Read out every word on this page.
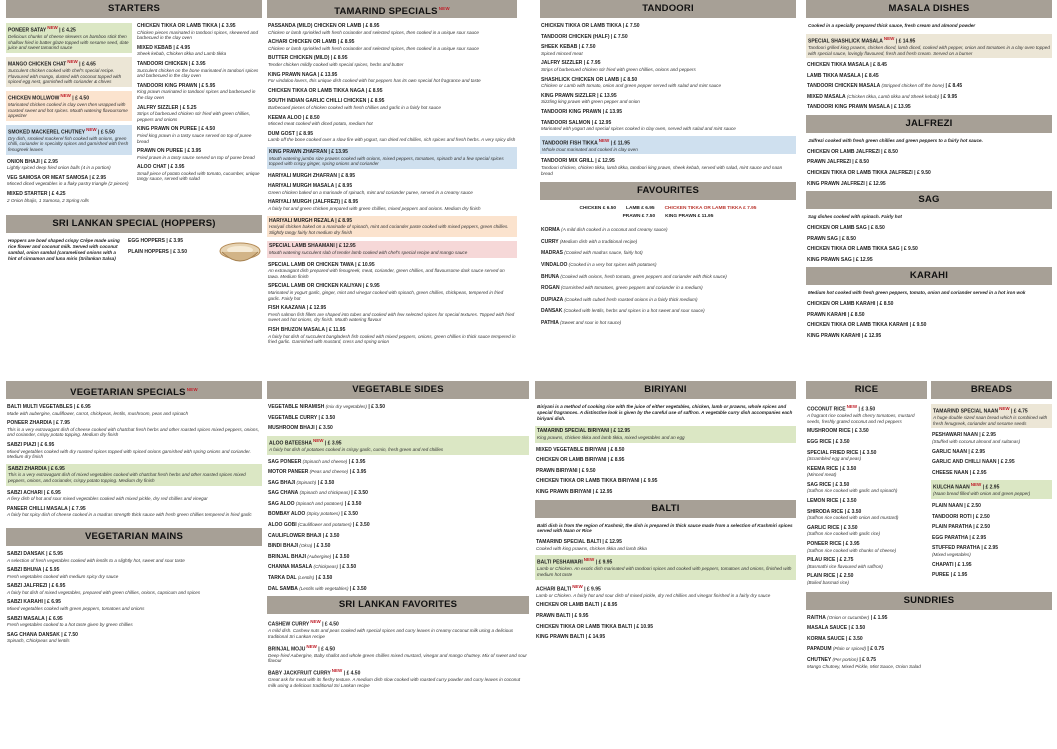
STARTERS
PONEER SATAYNEW | £ 4.25
Delicious chunks of cheese skewers on bamboo stick then shallow fried in batter glaze topped with sesame seed, date juice and sweet tamarind sauce
MANGO CHICKEN CHATNEW | £ 4.65
Succulent chicken cooked with chef's special recipe. Flavoured with mango, dusted with coconut topped with spiced egg nest, garnished with coriander & chives
CHICKEN MOLLWOWNEW | £ 4.50
Marinated chicken cooked in clay oven then wrapped with roasted sweet and hot spices. Mouth watering flavoursome appetizer
SMOKED MACKEREL CHUTNEYNEW | £ 5.50
Dry dish, smoked mackerel fish cooked with onions, green chilli, coriander in specialty spices and garnished with fresh fenugreek leaves
ONION BHAJI | £ 2.95
Lightly spiced deep fried onion balls (4 in a portion)
VEG SAMOSA OR MEAT SAMOSA | £ 2.95
Minced diced vegetables in a flaky pastry triangle (2 pieces)
MIXED STARTER | £ 4.25
2 Onion bhajis, 1 Samosa, 2 Spring rolls
CHICKEN TIKKA OR LAMB TIKKA | £ 3.95
Chicken pieces marinated in tandoori spices, skewered and barbecued in the clay oven
MIXED KEBAB | £ 4.95
Sheek kebab, Chicken tikka and Lamb tikka
TANDOORI CHICKEN | £ 3.95
Succulent chicken on the bone marinated in tandoori spices and barbecued in the clay oven
TANDOORI KING PRAWN | £ 5.95
King prawn marinated in tandoori spices and barbecued in the clay oven
JALFRY SIZZLER | £ 5.25
Strips of barbecued chicken stir fried with green chillies, peppers and onions
KING PRAWN ON PUREE | £ 4.50
Fried king prawn in a tasty sauce served on top of puree bread
PRAWN ON PUREE | £ 3.95
Fried prawn in a tasty sauce served on top of puree bread
ALOO CHAT | £ 3.95
Small piece of potato cooked with tomato, cucumber, unique tangy sauce, served with salad
SRI LANKAN SPECIAL (HOPPERS)
Hoppers are bowl shaped crispy Crêpe made using rice flower and coconut milk. Served with coconut sambal, onion sambal (caramelised onions with a hint of cinnamon and luna miris (Srilankan Salsa)
EGG HOPPERS | £ 3.95
PLAIN HOPPERS | £ 3.50
TAMARIND $SPECIALS^{NEW}$
PASSANDA (MILD) CHICKEN OR LAMB | £ 8.95
Chicken or lamb sprinkled with fresh coriander and selected spices, then cooked in a unique sour sauce
ACHARI CHICKEN OR LAMB | £ 8.95
Chicken or lamb sprinkled with fresh coriander and selected spices, then cooked in a unique sour sauce
BUTTER CHICKEN (MILD) | £ 8.95
Tender chicken mildly cooked with special spices, herbs and butter
KING PRAWN NAGA | £ 13.95
For vindaloo lovers, this unique dish cooked with hot peppers has its own special hot fragrance and taste
CHICKEN TIKKA OR LAMB TIKKA NAGA | £ 8.95
SOUTH INDIAN GARLIC CHILLI CHICKEN | £ 8.95
Barbecued pieces of chicken cooked with fresh chillies and garlic in a fairly hot sauce
KEEMA ALOO | £ 8.50
Minced meat cooked with diced potato, medium hot
DUM GOST | £ 8.95
Lamb off the bone cooked over a slow fire with yogurt, sun dried red chillies, rich spices and fresh herbs. A very spicy dish
KING PRAWN ZHAFRAN | £ 13.95
Mouth watering jumbo size prawns cooked with onions, mixed peppers, tomatoes, spinach and a few special spices topped with crispy ginger, spring onions and coriander
HARIYALI MURGH ZHAFRAN | £ 8.95
HARIYALI MURGH MASALA | £ 8.95
Green chicken baked on a marinade of spinach, mint and coriander puree, served in a creamy sauce
HARIYALI MURGH (JALFREZI) | £ 8.95
A fairly hot and green chicken prepared with green chillies, mixed peppers and onions. Medium dry finish
HARIYALI MURGH REZALA | £ 8.95
Hariyali chicken baked on a marinade of spinach, mint and coriander paste cooked with mixed peppers, green chillies. Slightly tangy fairly hot medium dry finish
SPECIAL LAMB SHAAMANI | £ 12.95
Mouth watering succulent slab of tender lamb cooked with chef's special recipe and mango sauce
SPECIAL LAMB OR CHICKEN TAWA | £ 10.95
An extravagant dish prepared with fenugreek, meat, coriander, green chillies, and flavoursome dark sauce served on tawa. Medium finish
SPECIAL LAMB OR CHICKEN KALIYAN | £ 9.95
Marinated in yogurt garlic, ginger, mint and vinegar cooked with spinach, green chillies, chickpeas, tempered in fried garlic. Fairly hot
FISH KAAZANA | £ 12.95
Fresh salmon fish fillets are shaped into tubes and cooked with few selected spices for special textures. Topped with fried sweet and hot onions, dry finish. Mouth watering flavour
FISH BHUZON MASALA | £ 11.95
A fairly hot dish of succulent bangladesh fish cooked with mixed peppers, onions, green chillies in thick sauce tempered in fried garlic. Garnished with mustard, cress and spring onion
TANDOORI
CHICKEN TIKKA OR LAMB TIKKA | £ 7.50
TANDOORI CHICKEN (HALF) | £ 7.50
SHEEK KEBAB | £ 7.50
Spiced minced meat
JALFRY SIZZLER | £ 7.95
Strips of barbecued chicken stir fried with green chillies, onions and peppers
SHASHLICK CHICKEN OR LAMB | £ 8.50
Chicken or Lamb with tomato, onion and green pepper served with salad and mint sauce
KING PRAWN SIZZLER | £ 13.95
Sizzling king prawn with green pepper and onion
TANDOORI KING PRAWN | £ 13.95
TANDOORI SALMON | £ 12.95
Marinated with yogurt and special spices cooked in clay oven, served with salad and mint sauce
TANDOORI FISH TIKKANEW | £ 11.95
Whole trout marinated and cooked in clay oven
TANDOORI MIX GRILL | £ 12.95
Tandoori chicken, chicken tikka, lamb tikka, tandoori king prawn, sheek kebab, served with salad, mint sauce and naan bread
FAVOURITES
CHICKEN £ 6.50 LAMB £ 6.95 CHICKEN TIKKA OR LAMB TIKKA £ 7.95
PRAWN £ 7.50 KING PRAWN £ 11.95
KORMA (A mild dish cooked in a coconut and creamy sauce)
CURRY (Medium dish with a traditional recipe)
MADRAS (Cooked with madras sauce, fairly hot)
VINDALOO (Cooked in a very hot spices with potatoes)
BHUNA (Cooked with onions, fresh tomato, green peppers and coriander with thick sauce)
ROGAN (Garnished with tomatoes, green peppers and coriander in a medium)
DUPIAZA (Cooked with cubed fresh roasted onions in a fairly thick medium)
DANSAK (Cooked with lentils, herbs and spices in a hot sweet and sour sauce)
PATHIA (Sweet and sour in hot sauce)
MASALA DISHES
Cooked in a specially prepared thick sauce, fresh cream and almond powder
SPECIAL SHASHLICK MASALANEW | £ 14.95
Tandoori grilled king prawns, chicken diced, lamb diced, cooked with pepper, onion and tomatoes in a clay oven topped with special sauce, lovingly flavoured, fresh and fresh cream. Served on a burner
CHICKEN TIKKA MASALA | £ 8.45
LAMB TIKKA MASALA | £ 8.45
TANDOORI CHICKEN MASALA (Stripped chicken off the bone) | £ 8.45
MIXED MASALA (Chicken tikka, Lamb tikka and Sheek kebab) | £ 9.95
TANDOORI KING PRAWN MASALA | £ 13.95
JALFREZI
Jalfrezi cooked with fresh green chillies and green peppers to a fairly hot sauce.
CHICKEN OR LAMB JALFREZI | £ 8.50
PRAWN JALFREZI | £ 8.50
CHICKEN TIKKA OR LAMB TIKKA JALFREZI | £ 9.50
KING PRAWN JALFREZI | £ 12.95
SAG
Sag dishes cooked with spinach. Fairly hot
CHICKEN OR LAMB SAG | £ 8.50
PRAWN SAG | £ 8.50
CHICKEN TIKKA OR LAMB TIKKA SAG | £ 9.50
KING PRAWN SAG | £ 12.95
KARAHI
Medium hot cooked with fresh green peppers, tomato, onion and coriander served in a hot iron wok
CHICKEN OR LAMB KARAHI | £ 8.50
PRAWN KARAHI | £ 8.50
CHICKEN TIKKA OR LAMB TIKKA KARAHI | £ 9.50
KING PRAWN KARAHI | £ 12.95
VEGETARIAN $SPECIALS^{NEW}$
BALTI MULTI VEGETABLES | £ 6.95
Made with aubergine, cauliflower, carrot, chickpeas, lentils, mushroom, peas and spinach
PONEER ZHARDIA | £ 7.95
This is a very extravagant dish of cheese cooked with chatchat fresh herbs and other roasted spices mixed peppers, onions, and coriander, crispy potato topping. Medium dry finish
SABZI PIAZI | £ 6.95
Mixed vegetables cooked with dry roasted spices topped with spiced onions garnished with spring onions and coriander. Medium dry finish
SABZI ZHARDIA | £ 6.95
This is a very extravagant dish of mixed vegetables cooked with chatchat fresh herbs and other roasted spices mixed peppers, onions, and coriander, crispy potato topping. Medium dry finish
SABZI ACHARI | £ 6.95
A fiery dish of hot and sour mixed vegetables cooked with mixed pickle, dry red chillies and vinegar
PANEER CHILLI MASALA | £ 7.95
A fairly hot spicy dish of cheese cooked in a madras strength thick sauce with fresh green chillies tempered in fried garlic
VEGETARIAN MAINS
SABZI DANSAK | £ 5.95
A selection of fresh vegetables cooked with lentils to a slightly hot, sweet and sour taste
SABZI BHUNA | £ 5.95
Fresh vegetables cooked with medium spicy dry sauce
SABZI JALFREZI | £ 6.95
A fairly hot dish of mixed vegetables, prepared with green chillies, onions, capsicum and spices
SABZI KARAHI | £ 6.95
Mixed vegetables cooked with green peppers, tomatoes and onions
SABZI MASALA | £ 6.95
Fresh vegetables cooked to a hot taste given by green chillies
SAG CHANA DANSAK | £ 7.50
Spinach, Chickpeas and lentils
VEGETABLE SIDES
VEGETABLE NIRAMISH (mix dry vegetables) | £ 3.50
VEGETABLE CURRY | £ 3.50
MUSHROOM BHAJI | £ 3.50
ALOO BATEESHANEW | £ 3.95
A fairly hot dish of potatoes cooked in crispy garlic, cumin, fresh green and red chillies
SAG PONEER (Spinach and cheese) | £ 3.95
MOTOR PANEER (Peas and cheese) | £ 3.95
SAG BHAJI (Spinach) | £ 3.50
SAG CHANA (Spinach and chickpeas) | £ 3.50
SAG ALOO (Spinach and potatoes) | £ 3.50
BOMBAY ALOO (Spicy potatoes) | £ 3.50
ALOO GOBI (Cauliflower and potatoes) | £ 3.50
CAULIFLOWER BHAJI | £ 3.50
BINDI BHAJI (Okra) | £ 3.50
BRINJAL BHAJI (Aubergine) | £ 3.50
CHANNA MASALA (Chickpeas) | £ 3.50
TARKA DAL (Lentils) | £ 3.50
DAL SAMBA (Lentils with vegetables) | £ 3.50
SRI LANKAN FAVORITES
CASHEW CURRYNEW | £ 4.50
A mild dish. Cashew nuts and peas cooked with special spices and curry leaves in creamy coconut milk using a delicious traditional Sri Lankan recipe
BRINJAL MOJUNEW | £ 4.50
Deep-fried Aubergine, Baby shallot and whole green chillies mixed mustard, vinegar and mango chutney. Mix of sweet and sour flavour
BABY JACKFRUIT CURRYNEW | £ 4.50
Great ask for meat with its fleshy texture. A medium dish slow cooked with roasted curry powder and curry leaves in coconut milk using a delicious traditional Sri Lankan recipe
BIRIYANI
Biriyani is a method of cooking rice with the juice of either vegetables, chicken, lamb or prawns, whole spices and special fragrances. A distinctive look is given by the careful use of saffron. A vegetable curry dish accompanies each biriyani dish.
TAMARIND SPECIAL BIRIYANI | £ 12.95
King prawns, chicken tikka and lamb tikka, mixed vegetables and an egg
MIXED VEGETABLE BIRIYANI | £ 8.50
CHICKEN OR LAMB BIRIYANI | £ 8.95
PRAWN BIRIYANI | £ 9.50
CHICKEN TIKKA OR LAMB TIKKA BIRIYANI | £ 9.95
KING PRAWN BIRIYANI | £ 12.95
BALTI
Balti dish is from the region of Kashmir, the dish is prepared in thick sauce made from a selection of Kashmiri spices served with Naan or Rice
TAMARIND SPECIAL BALTI | £ 12.95
Cooked with king prawns, chicken tikka and lamb tikka
BALTI PESHAWARINEW | £ 9.95
Lamb or Chicken. An exotic dish marinated with tandoori spices and cooked with peppers, tomatoes and onions, finished with medium hot taste
ACHARI BALTINEW | £ 9.95
Lamb or Chicken. A fairly hot and sour dish of mixed pickle, dry red chillies and vinegar finished in a fairly dry sauce
CHICKEN OR LAMB BALTI | £ 8.95
PRAWN BALTI | £ 9.95
CHICKEN TIKKA OR LAMB TIKKA BALTI | £ 10.95
KING PRAWN BALTI | £ 14.95
RICE
COCONUT RICENEW | £ 3.50
A fragrant rice cooked with cherry tomatoes, mustard seeds, freshly grated coconut and red peppers
MUSHROOM RICE | £ 3.50
EGG RICE | £ 3.50
SPECIAL FRIED RICE | £ 3.50
(Scrambled egg and peas)
KEEMA RICE | £ 3.50
(Minced meat)
SAG RICE | £ 3.50
(Saffron rice cooked with garlic and spinach)
LEMON RICE | £ 3.50
SHIRODA RICE | £ 3.50
(Saffron rice cooked with onion and mustard)
GARLIC RICE | £ 3.50
(Saffron rice cooked with garlic rice)
PONEER RICE | £ 3.95
(Saffron rice cooked with chunks of cheese)
PILAU RICE | £ 2.75
(Basmathi rice flavoured with saffron)
PLAIN RICE | £ 2.50
(Boiled basmati rice)
BREADS
TAMARIND SPECIAL NAANNEW | £ 4.75
A huge double sized naan bread which is combined with fresh fenugreek, coriander and sesame seeds
PESHAWARI NAAN | £ 2.95
(Stuffed with coconut almond and sultanas)
GARLIC NAAN | £ 2.95
GARLIC AND CHILLI NAAN | £ 2.95
CHEESE NAAN | £ 2.95
KULCHA NAANNEW | £ 2.95
(Naan bread filled with onion and green pepper)
PLAIN NAAN | £ 2.50
TANDOORI ROTI | £ 2.50
PLAIN PARATHA | £ 2.50
EGG PARATHA | £ 2.95
STUFFED PARATHA | £ 2.95
(Mixed vegetables)
CHAPATI | £ 1.95
PUREE | £ 1.95
SUNDRIES
RAITHA (Onion or cucumber) | £ 1.95
MASALA SAUCE | £ 3.50
KORMA SAUCE | £ 3.50
PAPADUM (Plain or spiced) | £ 0.75
CHUTNEY (Per portion) | £ 0.75
Mango Chutney, Mixed Pickle, Mint Sauce, Onion Salad
